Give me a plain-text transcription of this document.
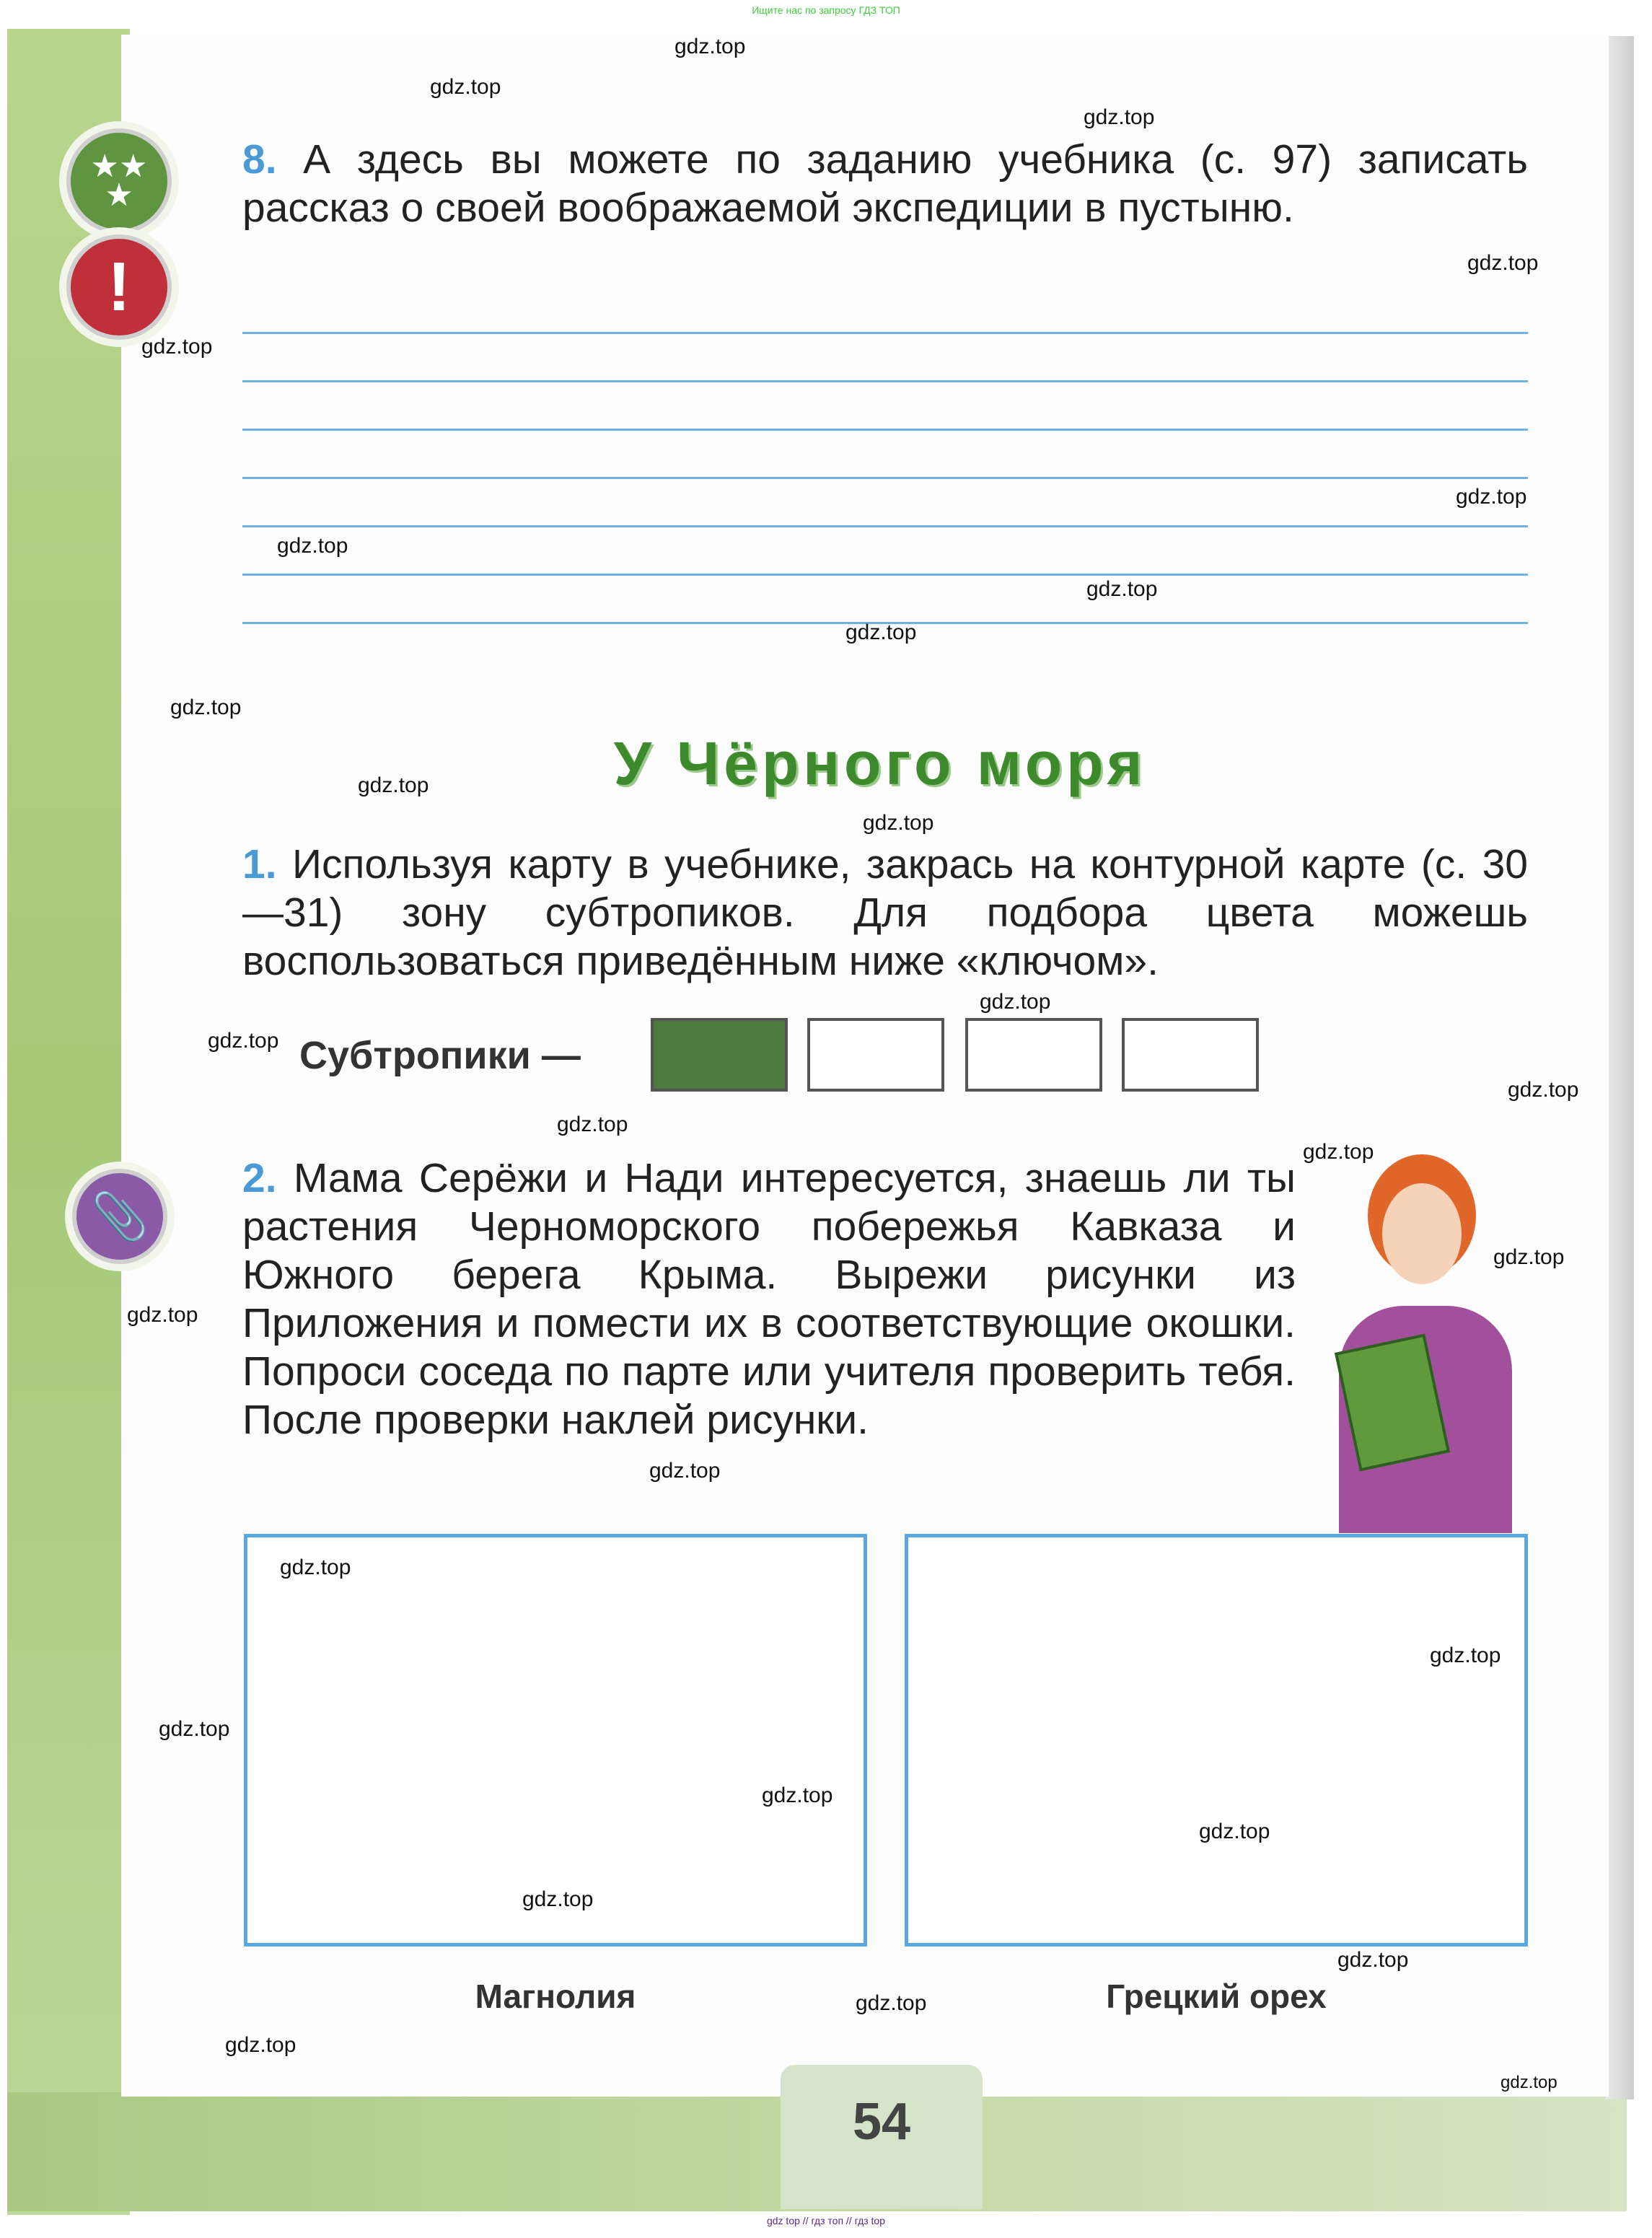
Ищите нас по запросу ГДЗ ТОП
★★
★
!
📎
8. А здесь вы можете по заданию учебника (с. 97) записать рассказ о своей воображаемой экспедиции в пустыню.
У Чёрного моря
1. Используя карту в учебнике, закрась на контурной карте (с. 30—31) зону субтропиков. Для подбора цвета можешь воспользоваться приведённым ниже «ключом».
Субтропики —
2. Мама Серёжи и Нади интересуется, знаешь ли ты растения Черноморского побережья Кавказа и Южного берега Крыма. Вырежи рисунки из Приложения и помести их в соответствующие окошки. Попроси соседа по парте или учителя проверить тебя. После проверки наклей рисунки.
Магнолия	Грецкий орех
54
gdz.top
gdz.top
gdz.top
gdz.top
gdz.top
gdz.top
gdz.top
gdz.top
gdz.top
gdz.top
gdz.top
gdz.top
gdz.top
gdz.top
gdz.top
gdz.top
gdz.top
gdz.top
gdz.top
gdz.top
gdz.top
gdz.top
gdz.top
gdz.top
gdz.top
gdz.top
gdz.top
gdz.top
gdz.top
gdz.top
gdz top // гдз топ // гдз top
